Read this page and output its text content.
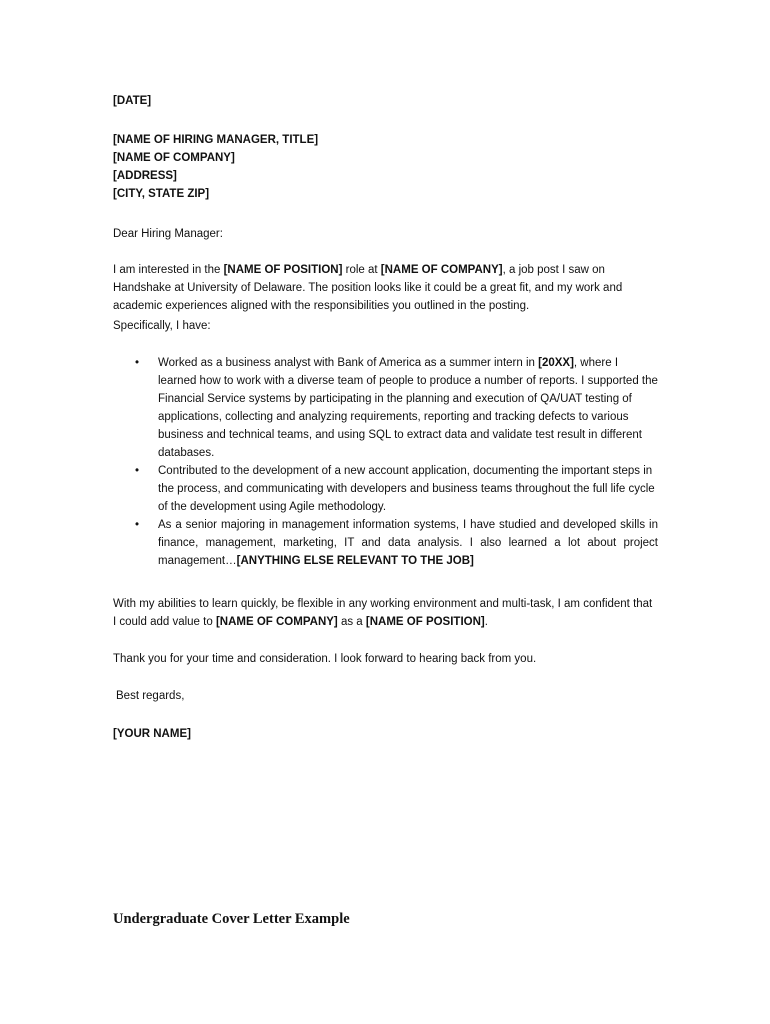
[DATE]
[NAME OF HIRING MANAGER, TITLE]
[NAME OF COMPANY]
[ADDRESS]
[CITY, STATE ZIP]
Dear Hiring Manager:
I am interested in the [NAME OF POSITION] role at [NAME OF COMPANY], a job post I saw on Handshake at University of Delaware. The position looks like it could be a great fit, and my work and academic experiences aligned with the responsibilities you outlined in the posting.
Specifically, I have:
• Worked as a business analyst with Bank of America as a summer intern in [20XX], where I learned how to work with a diverse team of people to produce a number of reports. I supported the Financial Service systems by participating in the planning and execution of QA/UAT testing of applications, collecting and analyzing requirements, reporting and tracking defects to various business and technical teams, and using SQL to extract data and validate test result in different databases.
• Contributed to the development of a new account application, documenting the important steps in the process, and communicating with developers and business teams throughout the full life cycle of the development using Agile methodology.
• As a senior majoring in management information systems, I have studied and developed skills in finance, management, marketing, IT and data analysis. I also learned a lot about project management…[ANYTHING ELSE RELEVANT TO THE JOB]
With my abilities to learn quickly, be flexible in any working environment and multi-task, I am confident that I could add value to [NAME OF COMPANY] as a [NAME OF POSITION].
Thank you for your time and consideration. I look forward to hearing back from you.
Best regards,
[YOUR NAME]
Undergraduate Cover Letter Example
